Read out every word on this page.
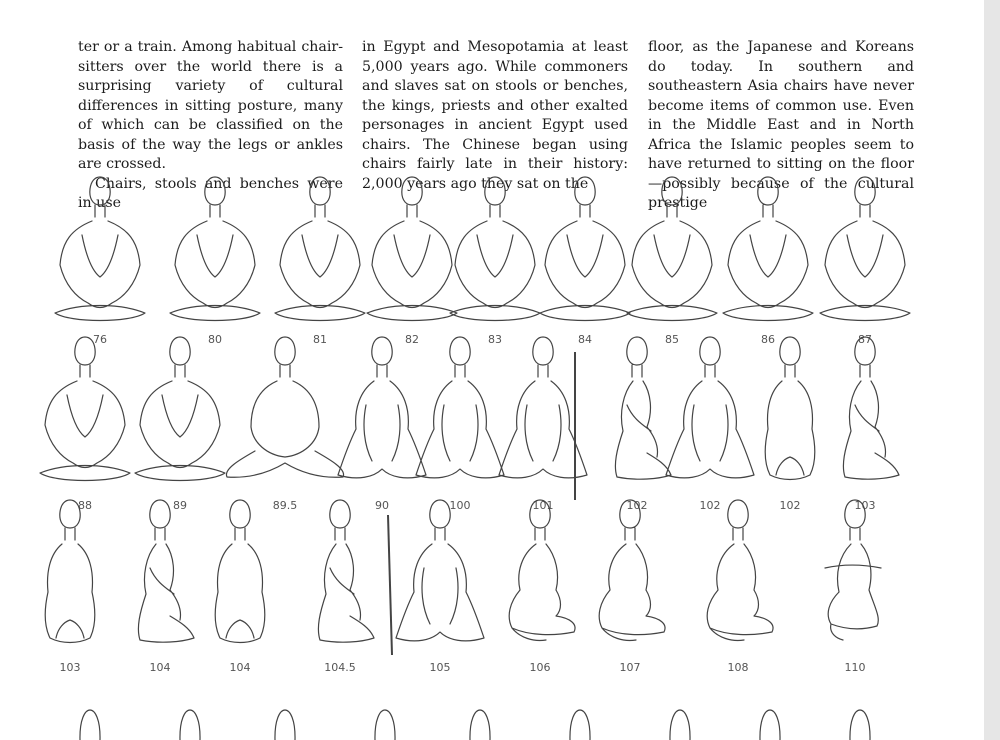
ter or a train. Among habitual chair-sitters over the world there is a surprising variety of cultural differences in sitting posture, many of which can be classified on the basis of the way the legs or ankles are crossed.

Chairs, stools and benches were in use

in Egypt and Mesopotamia at least 5,000 years ago. While commoners and slaves sat on stools or benches, the kings, priests and other exalted personages in ancient Egypt used chairs. The Chinese began using chairs fairly late in their history: 2,000 years ago they sat on the

floor, as the Japanese and Koreans do today. In southern and southeastern Asia chairs have never become items of common use. Even in the Middle East and in North Africa the Islamic peoples seem to have returned to sitting on the floor—possibly because of the cultural prestige

76	80	81	82	83	84	85	86	87
88	89	89.5	90	100	101	102	102	102	103
103	104	104	104.5	105	106	107	108	110
